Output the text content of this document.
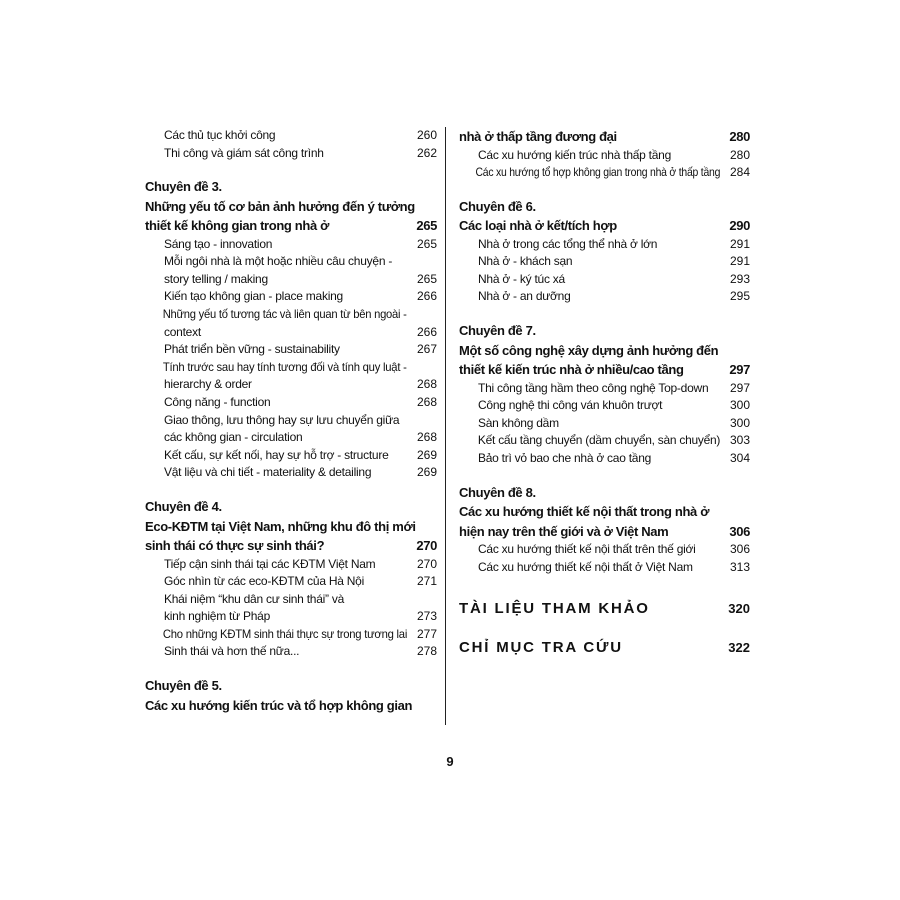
Các thủ tục khởi công	260
Thi công và giám sát công trình	262
Chuyên đề 3.
Những yếu tố cơ bản ảnh hưởng đến ý tưởng
thiết kế không gian trong nhà ở	265
Sáng tạo - innovation	265
Mỗi ngôi nhà là một hoặc nhiều câu chuyện -
story telling / making	265
Kiến tạo không gian - place making	266
Những yếu tố tương tác và liên quan từ bên ngoài -
context	266
Phát triển bền vững - sustainability	267
Tính trước sau hay tính tương đối và tính quy luật -
hierarchy & order	268
Công năng - function	268
Giao thông, lưu thông hay sự lưu chuyển giữa
các không gian - circulation	268
Kết cấu, sự kết nối, hay sự hỗ trợ - structure 269
Vật liệu và chi tiết - materiality & detailing	269
Chuyên đề 4.
Eco-KĐTM tại Việt Nam, những khu đô thị mới
sinh thái có thực sự sinh thái?	270
Tiếp cận sinh thái tại các KĐTM Việt Nam	270
Góc nhìn từ các eco-KĐTM của Hà Nội	271
Khái niệm “khu dân cư sinh thái” và
kinh nghiệm từ Pháp	273
Cho những KĐTM sinh thái thực sự trong tương lai 277
Sinh thái và hơn thế nữa...	278
Chuyên đề 5.
Các xu hướng kiến trúc và tổ hợp không gian
nhà ở thấp tầng đương đại	280
Các xu hướng kiến trúc nhà thấp tầng	280
Các xu hướng tổ hợp không gian trong nhà ở thấp tầng 284
Chuyên đề 6.
Các loại nhà ở kết/tích hợp	290
Nhà ở trong các tổng thể nhà ở lớn	291
Nhà ở - khách sạn	291
Nhà ở - ký túc xá	293
Nhà ở - an dưỡng	295
Chuyên đề 7.
Một số công nghệ xây dựng ảnh hưởng đến
thiết kế kiến trúc nhà ở nhiều/cao tầng	297
Thi công tầng hầm theo công nghệ Top-down 297
Công nghệ thi công ván khuôn trượt	300
Sàn không dầm	300
Kết cấu tầng chuyển (dầm chuyển, sàn chuyển) 303
Bảo trì vỏ bao che nhà ở cao tầng	304
Chuyên đề 8.
Các xu hướng thiết kế nội thất trong nhà ở
hiện nay trên thế giới và ở Việt Nam	306
Các xu hướng thiết kế nội thất trên thế giới	306
Các xu hướng thiết kế nội thất ở Việt Nam	313
TÀI LIỆU THAM KHẢO	320
CHỈ MỤC TRA CỨU	322
9
